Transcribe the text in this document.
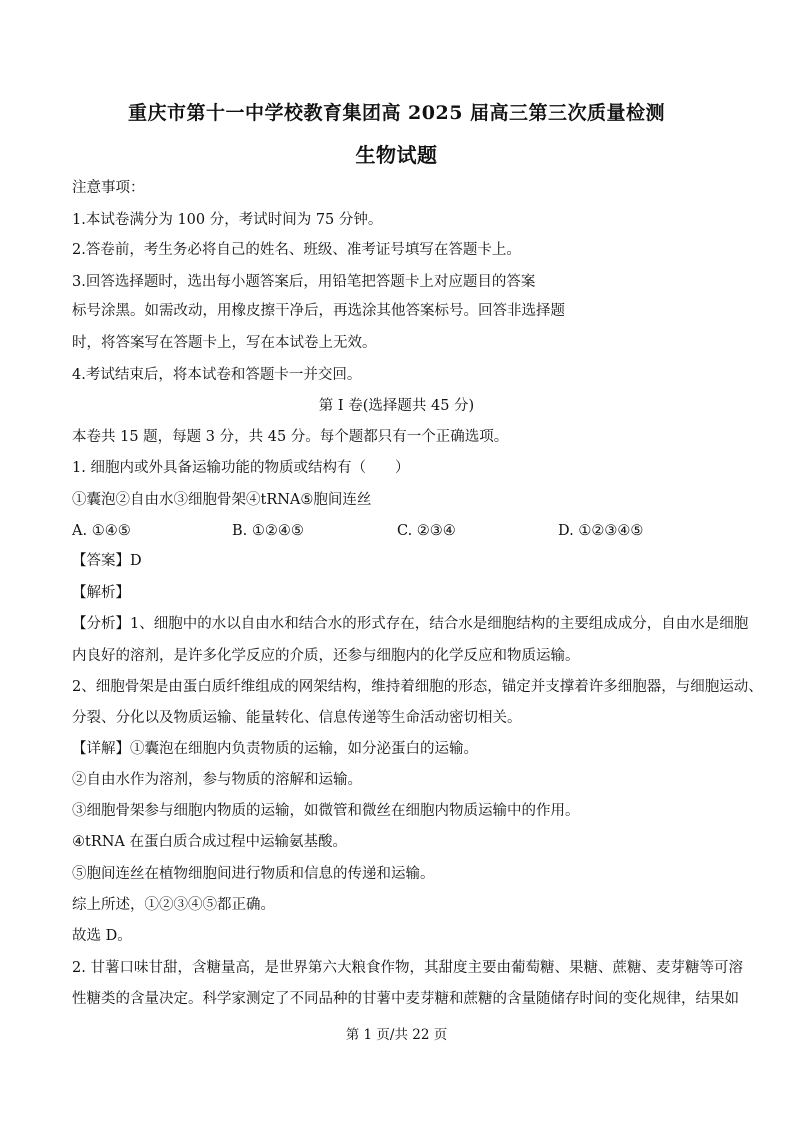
重庆市第十一中学校教育集团高 2025 届高三第三次质量检测
生物试题
注意事项：
1.本试卷满分为 100 分，考试时间为 75 分钟。
2.答卷前，考生务必将自己的姓名、班级、准考证号填写在答题卡上。
3.回答选择题时，选出每小题答案后，用铅笔把答题卡上对应题目的答案
标号涂黑。如需改动，用橡皮擦干净后，再选涂其他答案标号。回答非选择题
时，将答案写在答题卡上，写在本试卷上无效。
4.考试结束后，将本试卷和答题卡一并交回。
第 I 卷(选择题共 45 分)
本卷共 15 题，每题 3 分，共 45 分。每个题都只有一个正确选项。
1. 细胞内或外具备运输功能的物质或结构有（　　）
①囊泡②自由水③细胞骨架④tRNA⑤胞间连丝
A. ①④⑤	B. ①②④⑤	C. ②③④	D. ①②③④⑤
【答案】D
【解析】
【分析】1、细胞中的水以自由水和结合水的形式存在，结合水是细胞结构的主要组成成分，自由水是细胞
内良好的溶剂，是许多化学反应的介质，还参与细胞内的化学反应和物质运输。
2、细胞骨架是由蛋白质纤维组成的网架结构，维持着细胞的形态，锚定并支撑着许多细胞器，与细胞运动、
分裂、分化以及物质运输、能量转化、信息传递等生命活动密切相关。
【详解】①囊泡在细胞内负责物质的运输，如分泌蛋白的运输。
②自由水作为溶剂，参与物质的溶解和运输。
③细胞骨架参与细胞内物质的运输，如微管和微丝在细胞内物质运输中的作用。
④tRNA 在蛋白质合成过程中运输氨基酸。
⑤胞间连丝在植物细胞间进行物质和信息的传递和运输。
综上所述，①②③④⑤都正确。
故选 D。
2. 甘薯口味甘甜，含糖量高，是世界第六大粮食作物，其甜度主要由葡萄糖、果糖、蔗糖、麦芽糖等可溶
性糖类的含量决定。科学家测定了不同品种的甘薯中麦芽糖和蔗糖的含量随储存时间的变化规律，结果如
第 1 页/共 22 页
